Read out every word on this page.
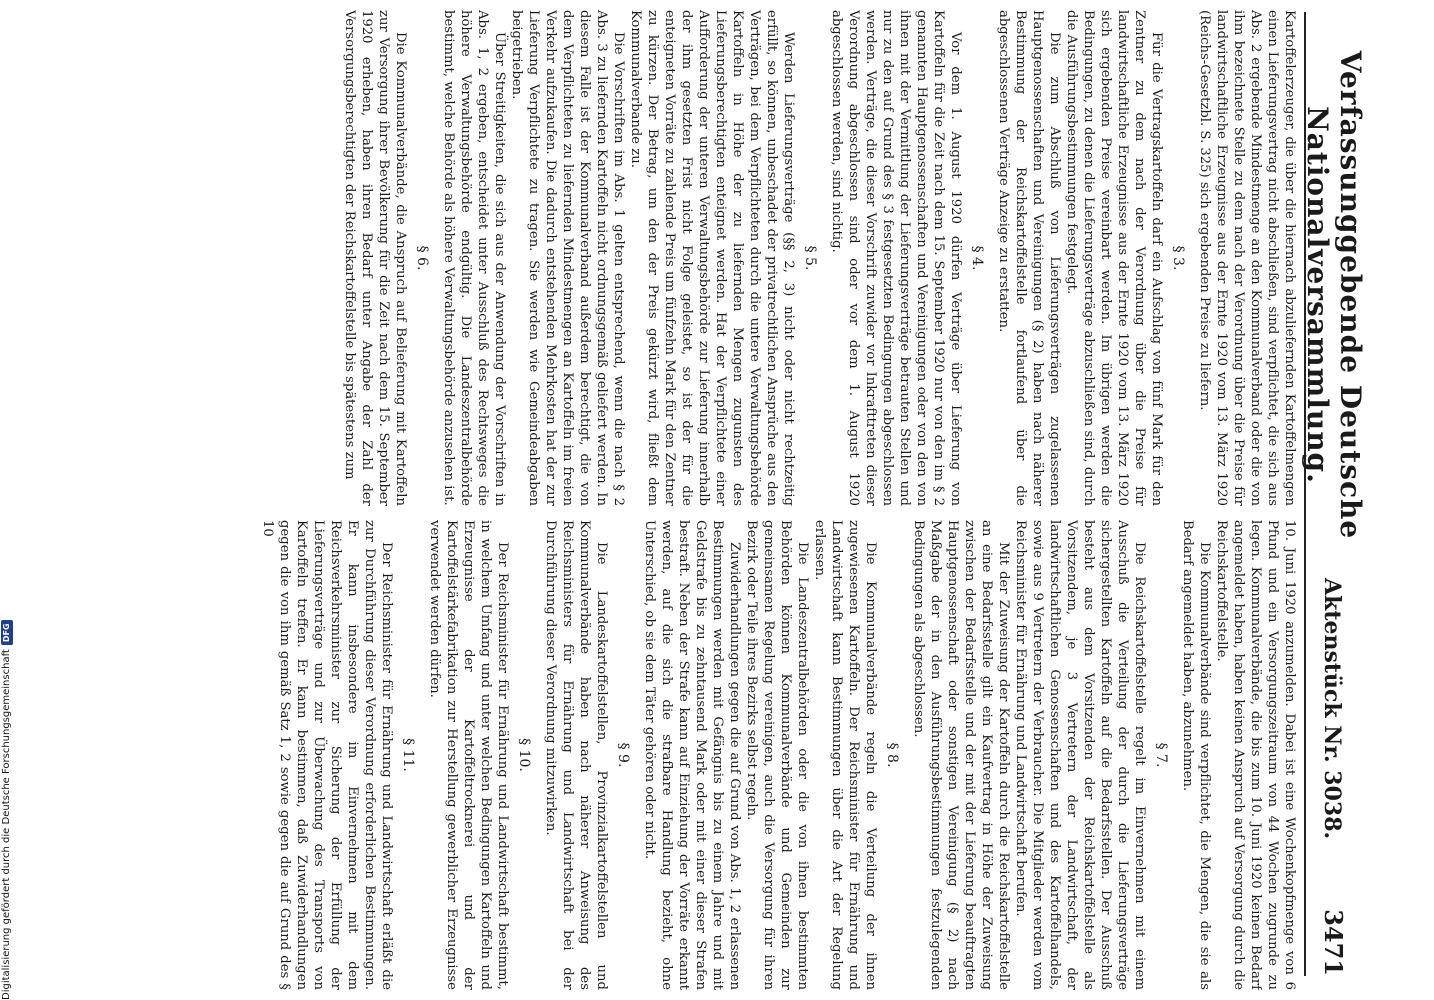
Verfassunggebende Deutsche Nationalversammlung.
Aktenstück Nr. 3038.
3471

Kartoffelerzeuger, die über die hiernach abzuliefernden Kartoffelmengen einen Lieferungsvertrag nicht abschließen, sind verpflichtet, die sich aus Abs. 2 ergebende Mindestmenge an den Kommunalverband oder die von ihm bezeichnete Stelle zu dem nach der Verordnung über die Preise für landwirtschaftliche Erzeugnisse aus der Ernte 1920 vom 13. März 1920 (Reichs-Gesetzbl. S. 325) sich ergebenden Preise zu liefern.

§ 3.

Für die Vertragskartoffeln darf ein Aufschlag von fünf Mark für den Zentner zu dem nach der Verordnung über die Preise für landwirtschaftliche Erzeugnisse aus der Ernte 1920 vom 13. März 1920 sich ergebenden Preise vereinbart werden. Im übrigen werden die Bedingungen, zu denen die Lieferungsverträge abzuschließen sind, durch die Ausführungsbestimmungen festgelegt.

Die zum Abschluß von Lieferungsverträgen zugelassenen Hauptgenossenschaften und Vereinigungen (§ 2) haben nach näherer Bestimmung der Reichskartoffelstelle fortlaufend über die abgeschlossenen Verträge Anzeige zu erstatten.

§ 4.

Vor dem 1. August 1920 dürfen Verträge über Lieferung von Kartoffeln für die Zeit nach dem 15. September 1920 nur von den im § 2 genannten Hauptgenossenschaften und Vereinigungen oder von den von ihnen mit der Vermittlung der Lieferungsverträge betrauten Stellen und nur zu den auf Grund des § 3 festgesetzten Bedingungen abgeschlossen werden. Verträge, die dieser Vorschrift zuwider vor Inkrafttreten dieser Verordnung abgeschlossen sind oder vor dem 1. August 1920 abgeschlossen werden, sind nichtig.

§ 5.

Werden Lieferungsverträge (§§ 2, 3) nicht oder nicht rechtzeitig erfüllt, so können, unbeschadet der privatrechtlichen Ansprüche aus den Verträgen, bei dem Verpflichteten durch die untere Verwaltungsbehörde Kartoffeln in Höhe der zu liefernden Mengen zugunsten des Lieferungsberechtigten enteignet werden. Hat der Verpflichtete einer Aufforderung der unteren Verwaltungsbehörde zur Lieferung innerhalb der ihm gesetzten Frist nicht Folge geleistet, so ist der für die enteigneten Vorräte zu zahlende Preis um fünfzehn Mark für den Zentner zu kürzen. Der Betrag, um den der Preis gekürzt wird, fließt dem Kommunalverbande zu.

Die Vorschriften im Abs. 1 gelten entsprechend, wenn die nach § 2 Abs. 3 zu liefernden Kartoffeln nicht ordnungsgemäß geliefert werden. In diesem Falle ist der Kommunalverband außerdem berechtigt, die von dem Verpflichteten zu liefernden Mindestmengen an Kartoffeln im freien Verkehr aufzukaufen. Die dadurch entstehenden Mehrkosten hat der zur Lieferung Verpflichtete zu tragen. Sie werden wie Gemeindeabgaben beigetrieben.

Über Streitigkeiten, die sich aus der Anwendung der Vorschriften in Abs. 1, 2 ergeben, entscheidet unter Ausschluß des Rechtsweges die höhere Verwaltungsbehörde endgültig. Die Landeszentralbehörde bestimmt, welche Behörde als höhere Verwaltungsbehörde anzusehen ist.

§ 6.

Die Kommunalverbände, die Anspruch auf Belieferung mit Kartoffeln zur Versorgung ihrer Bevölkerung für die Zeit nach dem 15. September 1920 erheben, haben ihren Bedarf unter Angabe der Zahl der Versorgungsberechtigten der Reichskartoffelstelle bis spätestens zum

10. Juni 1920 anzumelden. Dabei ist eine Wochenkopfmenge von 6 Pfund und ein Versorgungszeitraum von 44 Wochen zugrunde zu legen. Kommunalverbände, die bis zum 10. Juni 1920 keinen Bedarf angemeldet haben, haben keinen Anspruch auf Versorgung durch die Reichskartoffelstelle.

Die Kommunalverbände sind verpflichtet, die Mengen, die sie als Bedarf angemeldet haben, abzunehmen.

§ 7.

Die Reichskartoffelstelle regelt im Einvernehmen mit einem Ausschuß die Verteilung der durch die Lieferungsverträge sichergestellten Kartoffeln auf die Bedarfsstellen. Der Ausschuß besteht aus dem Vorsitzenden der Reichskartoffelstelle als Vorsitzendem, je 3 Vertretern der Landwirtschaft, der landwirtschaftlichen Genossenschaften und des Kartoffelhandels, sowie aus 9 Vertretern der Verbraucher. Die Mitglieder werden vom Reichsminister für Ernährung und Landwirtschaft berufen.

Mit der Zuweisung der Kartoffeln durch die Reichskartoffelstelle an eine Bedarfsstelle gilt ein Kaufvertrag in Höhe der Zuweisung zwischen der Bedarfsstelle und der mit der Lieferung beauftragten Hauptgenossenschaft oder sonstigen Vereinigung (§ 2) nach Maßgabe der in den Ausführungsbestimmungen festzulegenden Bedingungen als abgeschlossen.

§ 8.

Die Kommunalverbände regeln die Verteilung der ihnen zugewiesenen Kartoffeln. Der Reichsminister für Ernährung und Landwirtschaft kann Bestimmungen über die Art der Regelung erlassen.

Die Landeszentralbehörden oder die von ihnen bestimmten Behörden können Kommunalverbände und Gemeinden zur gemeinsamen Regelung vereinigen, auch die Versorgung für ihren Bezirk oder Teile ihres Bezirks selbst regeln.

Zuwiderhandlungen gegen die auf Grund von Abs. 1, 2 erlassenen Bestimmungen werden mit Gefängnis bis zu einem Jahre und mit Geldstrafe bis zu zehntausend Mark oder mit einer dieser Strafen bestraft. Neben der Strafe kann auf Einziehung der Vorräte erkannt werden, auf die sich die strafbare Handlung bezieht, ohne Unterschied, ob sie dem Täter gehören oder nicht.

§ 9.

Die Landeskartoffelstellen, Provinzialkartoffelstellen und Kommunalverbände haben nach näherer Anweisung des Reichsministers für Ernährung und Landwirtschaft bei der Durchführung dieser Verordnung mitzuwirken.

§ 10.

Der Reichsminister für Ernährung und Landwirtschaft bestimmt, in welchem Umfang und unter welchen Bedingungen Kartoffeln und Erzeugnisse der Kartoffeltrocknerei und der Kartoffelstärkefabrikation zur Herstellung gewerblicher Erzeugnisse verwendet werden dürfen.

§ 11.

Der Reichsminister für Ernährung und Landwirtschaft erläßt die zur Durchführung dieser Verordnung erforderlichen Bestimmungen. Er kann insbesondere im Einvernehmen mit dem Reichsverkehrsminister zur Sicherung der Erfüllung der Lieferungsverträge und zur Überwachung des Transports von Kartoffeln treffen. Er kann bestimmen, daß Zuwiderhandlungen gegen die von ihm gemäß Satz 1, 2 sowie gegen die auf Grund des § 10

Digitalisierung gefördert durch die Deutsche Forschungsgemeinschaft
DFG
